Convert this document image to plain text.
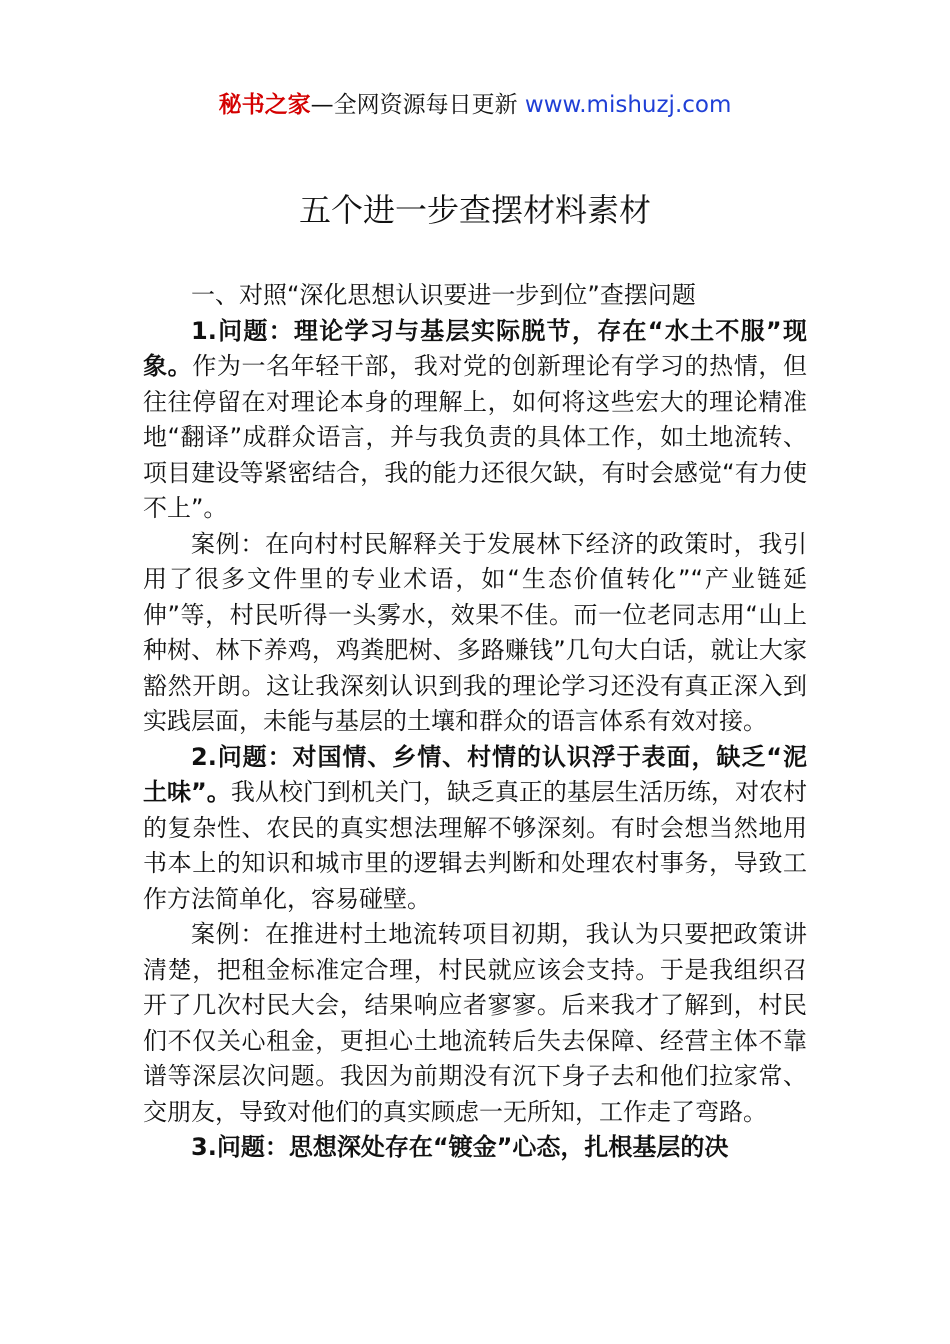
秘书之家—全网资源每日更新 www.mishuzj.com
五个进一步查摆材料素材

一、对照“深化思想认识要进一步到位”查摆问题

1.问题：理论学习与基层实际脱节，存在“水土不服”现象。作为一名年轻干部，我对党的创新理论有学习的热情，但往往停留在对理论本身的理解上，如何将这些宏大的理论精准地“翻译”成群众语言，并与我负责的具体工作，如土地流转、项目建设等紧密结合，我的能力还很欠缺，有时会感觉“有力使不上”。

案例：在向村村民解释关于发展林下经济的政策时，我引用了很多文件里的专业术语，如“生态价值转化”“产业链延伸”等，村民听得一头雾水，效果不佳。而一位老同志用“山上种树、林下养鸡，鸡粪肥树、多路赚钱”几句大白话，就让大家豁然开朗。这让我深刻认识到我的理论学习还没有真正深入到实践层面，未能与基层的土壤和群众的语言体系有效对接。

2.问题：对国情、乡情、村情的认识浮于表面，缺乏“泥土味”。我从校门到机关门，缺乏真正的基层生活历练，对农村的复杂性、农民的真实想法理解不够深刻。有时会想当然地用书本上的知识和城市里的逻辑去判断和处理农村事务，导致工作方法简单化，容易碰壁。

案例：在推进村土地流转项目初期，我认为只要把政策讲清楚，把租金标准定合理，村民就应该会支持。于是我组织召开了几次村民大会，结果响应者寥寥。后来我才了解到，村民们不仅关心租金，更担心土地流转后失去保障、经营主体不靠谱等深层次问题。我因为前期没有沉下身子去和他们拉家常、交朋友，导致对他们的真实顾虑一无所知，工作走了弯路。

3.问题：思想深处存在“镀金”心态，扎根基层的决
